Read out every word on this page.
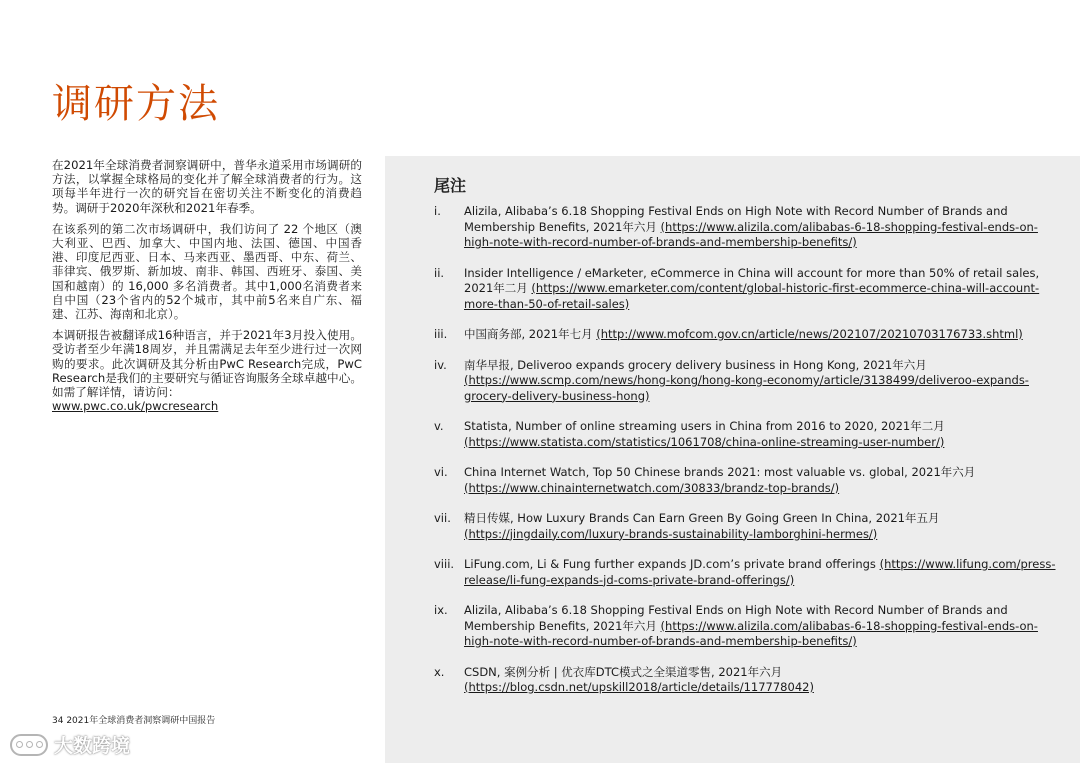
调研方法

在2021年全球消费者洞察调研中，普华永道采用市场调研的方法，以掌握全球格局的变化并了解全球消费者的行为。这项每半年进行一次的研究旨在密切关注不断变化的消费趋势。调研于2020年深秋和2021年春季。

在该系列的第二次市场调研中，我们访问了 22 个地区（澳大利亚、巴西、加拿大、中国内地、法国、德国、中国香港、印度尼西亚、日本、马来西亚、墨西哥、中东、荷兰、菲律宾、俄罗斯、新加坡、南非、韩国、西班牙、泰国、美国和越南）的 16,000 多名消费者。其中1,000名消费者来自中国（23个省内的52个城市，其中前5名来自广东、福建、江苏、海南和北京）。

本调研报告被翻译成16种语言，并于2021年3月投入使用。受访者至少年满18周岁，并且需满足去年至少进行过一次网购的要求。此次调研及其分析由PwC Research完成，PwC Research是我们的主要研究与循证咨询服务全球卓越中心。如需了解详情，请访问：
www.pwc.co.uk/pwcresearch

尾注
i. Alizila, Alibaba’s 6.18 Shopping Festival Ends on High Note with Record Number of Brands and Membership Benefits, 2021年六月 (https://www.alizila.com/alibabas-6-18-shopping-festival-ends-on-high-note-with-record-number-of-brands-and-membership-benefits/)
ii. Insider Intelligence / eMarketer, eCommerce in China will account for more than 50% of retail sales, 2021年二月 (https://www.emarketer.com/content/global-historic-first-ecommerce-china-will-account-more-than-50-of-retail-sales)
iii. 中国商务部, 2021年七月 (http://www.mofcom.gov.cn/article/news/202107/20210703176733.shtml)
iv. 南华早报, Deliveroo expands grocery delivery business in Hong Kong, 2021年六月 (https://www.scmp.com/news/hong-kong/hong-kong-economy/article/3138499/deliveroo-expands-grocery-delivery-business-hong)
v. Statista, Number of online streaming users in China from 2016 to 2020, 2021年二月 (https://www.statista.com/statistics/1061708/china-online-streaming-user-number/)
vi. China Internet Watch, Top 50 Chinese brands 2021: most valuable vs. global, 2021年六月 (https://www.chinainternetwatch.com/30833/brandz-top-brands/)
vii. 精日传媒, How Luxury Brands Can Earn Green By Going Green In China, 2021年五月 (https://jingdaily.com/luxury-brands-sustainability-lamborghini-hermes/)
viii. LiFung.com, Li & Fung further expands JD.com’s private brand offerings (https://www.lifung.com/press-release/li-fung-expands-jd-coms-private-brand-offerings/)
ix. Alizila, Alibaba’s 6.18 Shopping Festival Ends on High Note with Record Number of Brands and Membership Benefits, 2021年六月 (https://www.alizila.com/alibabas-6-18-shopping-festival-ends-on-high-note-with-record-number-of-brands-and-membership-benefits/)
x. CSDN, 案例分析 | 优衣库DTC模式之全渠道零售, 2021年六月 (https://blog.csdn.net/upskill2018/article/details/117778042)
34 2021年全球消费者洞察调研中国报告
大数跨境
